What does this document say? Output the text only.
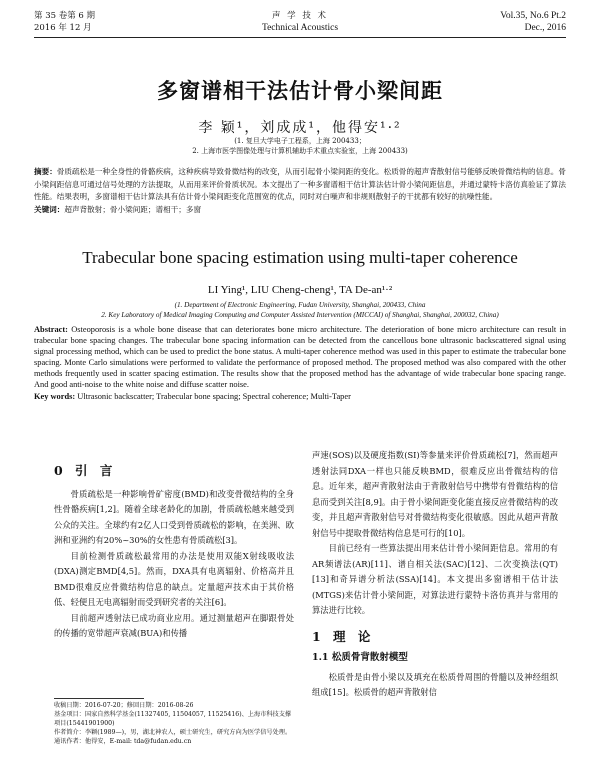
第 35 卷第 6 期
2016 年 12 月
声 学 技 术
Technical Acoustics
Vol.35, No.6 Pt.2
Dec., 2016
多窗谱相干法估计骨小梁间距
李 颖¹，刘成成¹，他得安¹·²
(1. 复旦大学电子工程系，上海 200433；
2. 上海市医学图像处理与计算机辅助手术重点实验室，上海 200433)
摘要：骨质疏松是一种全身性的骨骼疾病，这种疾病导致骨微结构的改变，从而引起骨小梁间距的变化。松质骨的超声背散射信号能够反映骨微结构的信息。骨小梁间距信息可通过信号处理的方法提取，从而用来评价骨质状况。本文提出了一种多窗谱相干估计算法估计骨小梁间距信息，并通过蒙特卡洛仿真验证了算法性能。结果表明，多窗谱相干估计算法具有估计骨小梁间距变化范围宽的优点，同时对白噪声和非规则散射子的干扰都有较好的抗噪性能。
关键词：超声背散射；骨小梁间距；谱相干；多窗
Trabecular bone spacing estimation using multi-taper coherence
LI Ying¹, LIU Cheng-cheng¹, TA De-an¹·²
(1. Department of Electronic Engineering, Fudan University, Shanghai, 200433, China
2. Key Laboratory of Medical Imaging Computing and Computer Assisted Intervention (MICCAI) of Shanghai, Shanghai, 200032, China)
Abstract: Osteoporosis is a whole bone disease that can deteriorates bone micro architecture. The deterioration of bone micro architecture can result in trabecular bone spacing changes. The trabecular bone spacing information can be detected from the cancellous bone ultrasonic backscattered signal using signal processing method, which can be used to predict the bone status. A multi-taper coherence method was used in this paper to estimate the trabecular bone spacing. Monte Carlo simulations were performed to validate the performance of proposed method. The proposed method was also compared with the other methods frequently used in scatter spacing estimation. The results show that the proposed method has the advantage of wide trabecular bone spacing range. And good anti-noise to the white noise and diffuse scatter noise.
Key words: Ultrasonic backscatter; Trabecular bone spacing; Spectral coherence; Multi-Taper
0 引 言

骨质疏松是一种影响骨矿密度(BMD)和改变骨微结构的全身性骨骼疾病[1,2]。随着全球老龄化的加剧，骨质疏松越来越受到公众的关注。全球约有2亿人口受到骨质疏松的影响，在美洲、欧洲和亚洲约有20%~30%的女性患有骨质疏松[3]。

目前检测骨质疏松最常用的办法是使用双能X射线吸收法(DXA)测定BMD[4,5]。然而，DXA具有电离辐射、价格高并且BMD很难反应骨微结构信息的缺点。定量超声技术由于其价格低、轻便且无电离辐射而受到研究者的关注[6]。

目前超声透射法已成功商业应用。通过测量超声在脚跟骨处的传播的宽带超声衰减(BUA)和传播

声速(SOS)以及硬度指数(SI)等参量来评价骨质疏松[7]，然而超声透射法同DXA一样也只能反映BMD，很难反应出骨微结构的信息。近年来，超声背散射法由于背散射信号中携带有骨微结构的信息而受到关注[8,9]。由于骨小梁间距变化能直接反应骨微结构的改变，并且超声背散射信号对骨微结构变化很敏感。因此从超声背散射信号中提取骨微结构信息是可行的[10]。

目前已经有一些算法提出用来估计骨小梁间距信息。常用的有AR频谱法(AR)[11]、谱自相关法(SAC)[12]、二次变换法(QT)[13]和奇异谱分析法(SSA)[14]。本文提出多窗谱相干估计法(MTGS)来估计骨小梁间距，对算法进行蒙特卡洛仿真并与常用的算法进行比较。

1 理 论
1.1 松质骨背散射模型

松质骨是由骨小梁以及填充在松质骨周围的骨髓以及神经组织组成[15]。松质骨的超声背散射信

收稿日期：2016-07-20；修回日期：2016-08-26
基金项目：国家自然科学基金(11327405, 11504057, 11525416)、上海市科技支撑项目(15441901900)
作者简介：李颖(1989—)，男，湖北神农人，硕士研究生，研究方向为医学信号处理。
通讯作者：他得安，E-mail: tda@fudan.edu.cn
